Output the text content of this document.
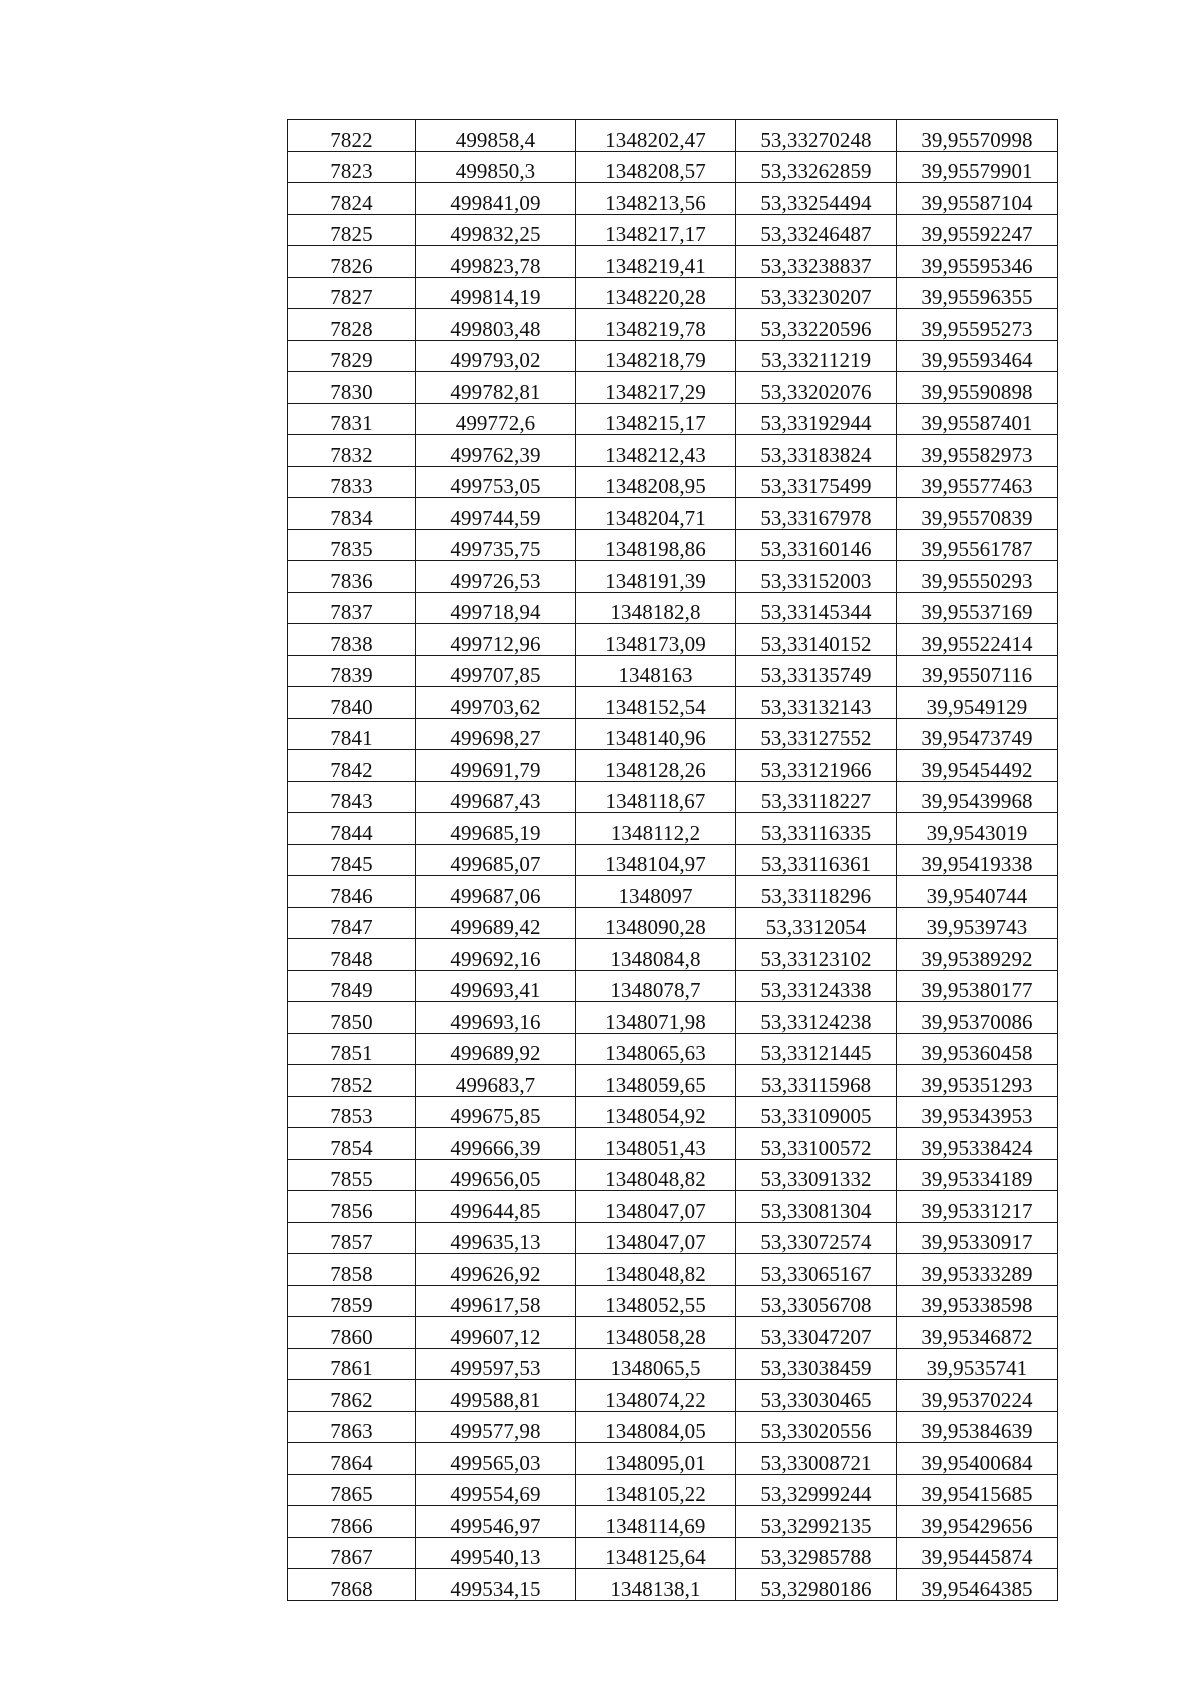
7822	499858,4	1348202,47	53,33270248	39,95570998
7823	499850,3	1348208,57	53,33262859	39,95579901
7824	499841,09	1348213,56	53,33254494	39,95587104
7825	499832,25	1348217,17	53,33246487	39,95592247
7826	499823,78	1348219,41	53,33238837	39,95595346
7827	499814,19	1348220,28	53,33230207	39,95596355
7828	499803,48	1348219,78	53,33220596	39,95595273
7829	499793,02	1348218,79	53,33211219	39,95593464
7830	499782,81	1348217,29	53,33202076	39,95590898
7831	499772,6	1348215,17	53,33192944	39,95587401
7832	499762,39	1348212,43	53,33183824	39,95582973
7833	499753,05	1348208,95	53,33175499	39,95577463
7834	499744,59	1348204,71	53,33167978	39,95570839
7835	499735,75	1348198,86	53,33160146	39,95561787
7836	499726,53	1348191,39	53,33152003	39,95550293
7837	499718,94	1348182,8	53,33145344	39,95537169
7838	499712,96	1348173,09	53,33140152	39,95522414
7839	499707,85	1348163	53,33135749	39,95507116
7840	499703,62	1348152,54	53,33132143	39,9549129
7841	499698,27	1348140,96	53,33127552	39,95473749
7842	499691,79	1348128,26	53,33121966	39,95454492
7843	499687,43	1348118,67	53,33118227	39,95439968
7844	499685,19	1348112,2	53,33116335	39,9543019
7845	499685,07	1348104,97	53,33116361	39,95419338
7846	499687,06	1348097	53,33118296	39,9540744
7847	499689,42	1348090,28	53,3312054	39,9539743
7848	499692,16	1348084,8	53,33123102	39,95389292
7849	499693,41	1348078,7	53,33124338	39,95380177
7850	499693,16	1348071,98	53,33124238	39,95370086
7851	499689,92	1348065,63	53,33121445	39,95360458
7852	499683,7	1348059,65	53,33115968	39,95351293
7853	499675,85	1348054,92	53,33109005	39,95343953
7854	499666,39	1348051,43	53,33100572	39,95338424
7855	499656,05	1348048,82	53,33091332	39,95334189
7856	499644,85	1348047,07	53,33081304	39,95331217
7857	499635,13	1348047,07	53,33072574	39,95330917
7858	499626,92	1348048,82	53,33065167	39,95333289
7859	499617,58	1348052,55	53,33056708	39,95338598
7860	499607,12	1348058,28	53,33047207	39,95346872
7861	499597,53	1348065,5	53,33038459	39,9535741
7862	499588,81	1348074,22	53,33030465	39,95370224
7863	499577,98	1348084,05	53,33020556	39,95384639
7864	499565,03	1348095,01	53,33008721	39,95400684
7865	499554,69	1348105,22	53,32999244	39,95415685
7866	499546,97	1348114,69	53,32992135	39,95429656
7867	499540,13	1348125,64	53,32985788	39,95445874
7868	499534,15	1348138,1	53,32980186	39,95464385
